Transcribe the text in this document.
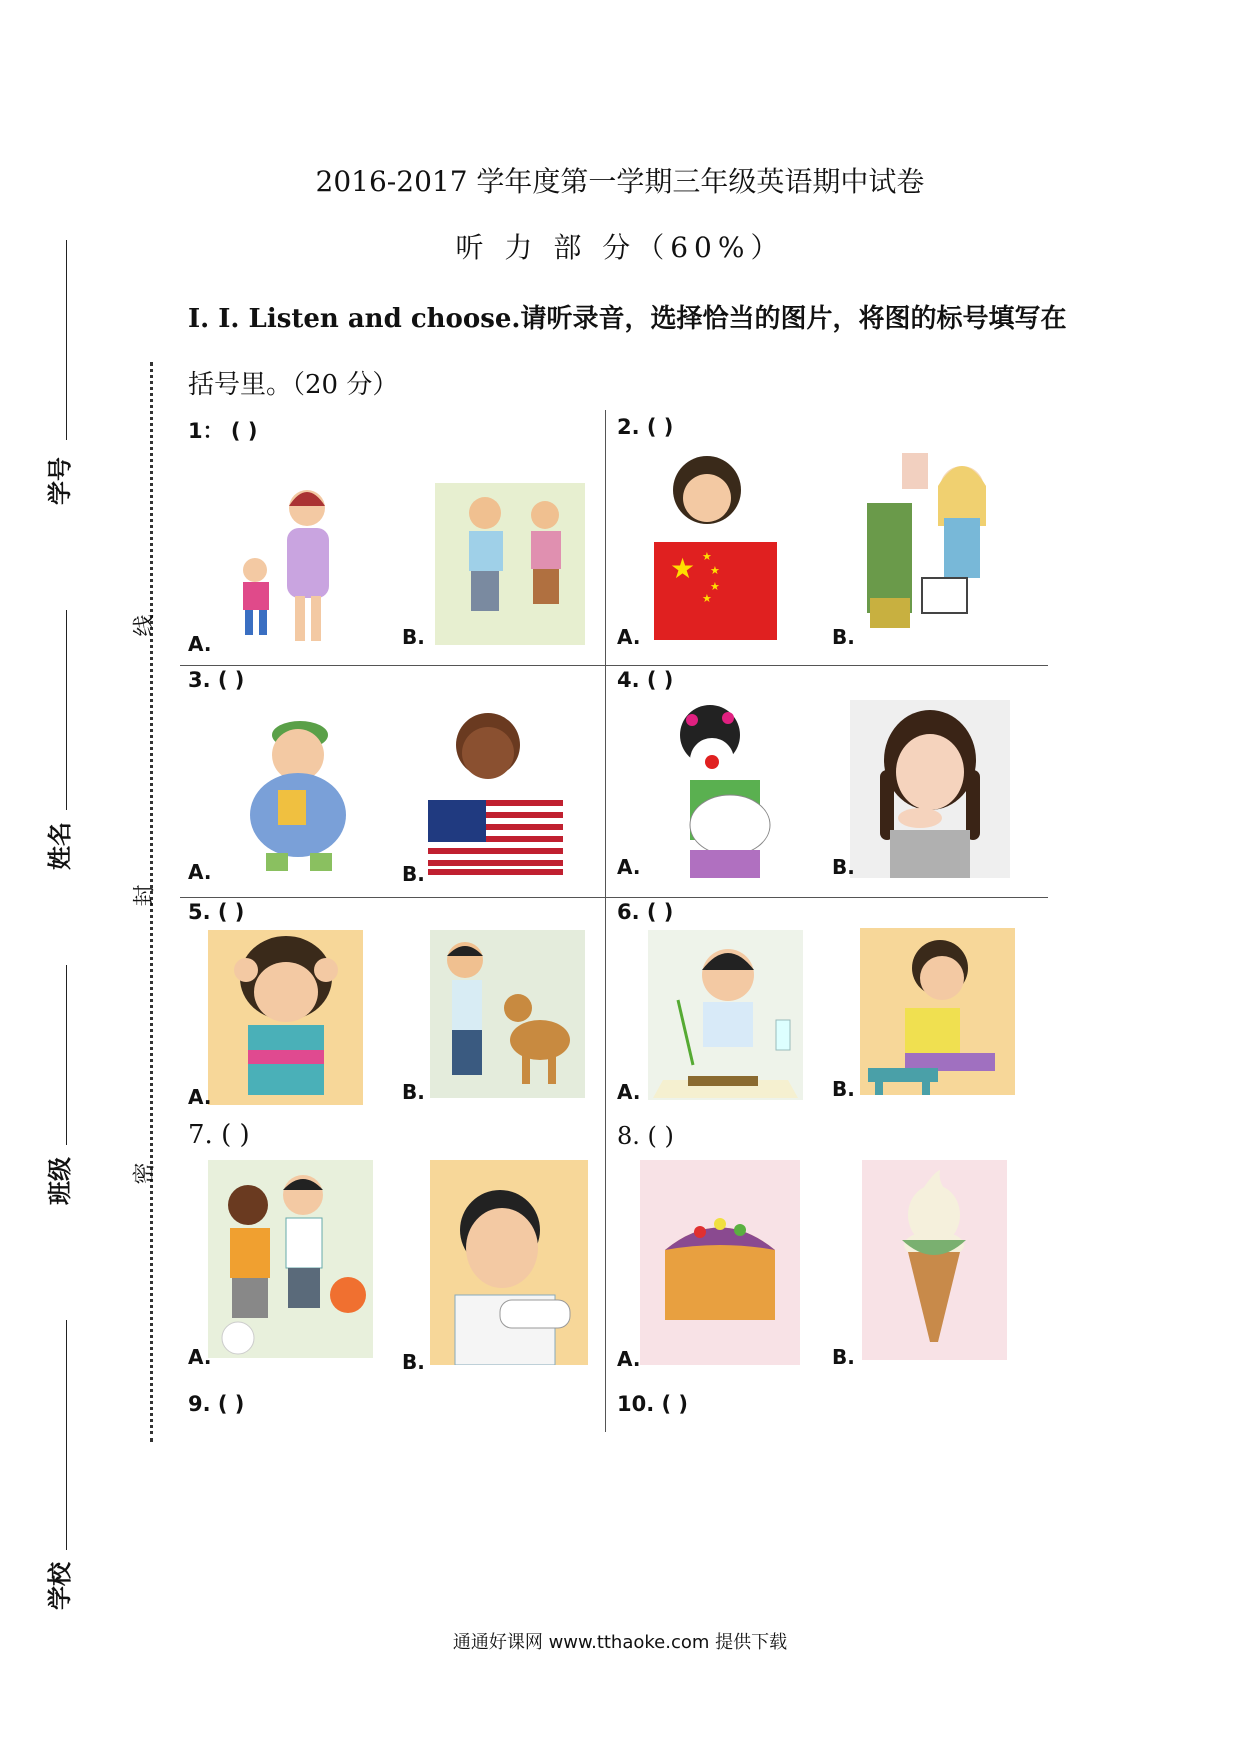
学号
姓名
班级
学校
线
封
密
2016-2017 学年度第一学期三年级英语期中试卷
听 力 部 分（60%）
I. I. Listen and choose.请听录音，选择恰当的图片，将图的标号填写在
括号里。（20 分）
1： ( )
A.	B.
2. ( )
★ ★
★
★
★
A.	B.
3. ( )
A.	B.
4. ( )
A.	B.
5. ( )
A.	B.
6. ( )
A.	B.
7. ( )
A.	B.
8. ( )
A.	B.
9. ( )	10. ( )
通通好课网 www.tthaoke.com 提供下载
